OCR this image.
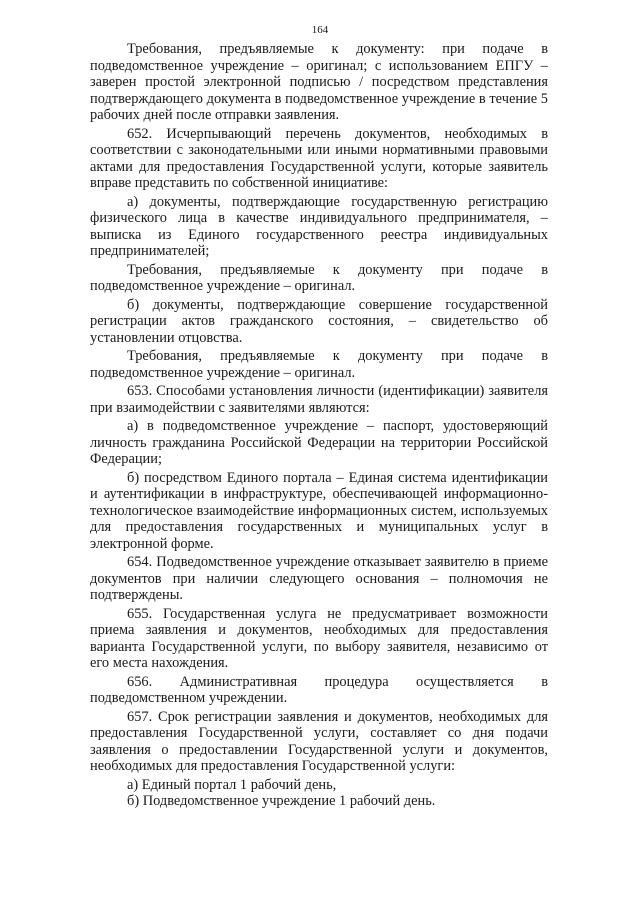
164

Требования, предъявляемые к документу: при подаче в подведомственное учреждение – оригинал; с использованием ЕПГУ – заверен простой электронной подписью / посредством представления подтверждающего документа в подведомственное учреждение в течение 5 рабочих дней после отправки заявления.

652. Исчерпывающий перечень документов, необходимых в соответствии с законодательными или иными нормативными правовыми актами для предоставления Государственной услуги, которые заявитель вправе представить по собственной инициативе:

а) документы, подтверждающие государственную регистрацию физического лица в качестве индивидуального предпринимателя, – выписка из Единого государственного реестра индивидуальных предпринимателей;

Требования, предъявляемые к документу при подаче в подведомственное учреждение – оригинал.

б) документы, подтверждающие совершение государственной регистрации актов гражданского состояния, – свидетельство об установлении отцовства.

Требования, предъявляемые к документу при подаче в подведомственное учреждение – оригинал.

653. Способами установления личности (идентификации) заявителя при взаимодействии с заявителями являются:

а) в подведомственное учреждение – паспорт, удостоверяющий личность гражданина Российской Федерации на территории Российской Федерации;

б) посредством Единого портала – Единая система идентификации и аутентификации в инфраструктуре, обеспечивающей информационно-технологическое взаимодействие информационных систем, используемых для предоставления государственных и муниципальных услуг в электронной форме.

654. Подведомственное учреждение отказывает заявителю в приеме документов при наличии следующего основания – полномочия не подтверждены.

655. Государственная услуга не предусматривает возможности приема заявления и документов, необходимых для предоставления варианта Государственной услуги, по выбору заявителя, независимо от его места нахождения.

656. Административная процедура осуществляется в подведомственном учреждении.

657. Срок регистрации заявления и документов, необходимых для предоставления Государственной услуги, составляет со дня подачи заявления о предоставлении Государственной услуги и документов, необходимых для предоставления Государственной услуги:

а) Единый портал 1 рабочий день,

б) Подведомственное учреждение 1 рабочий день.
